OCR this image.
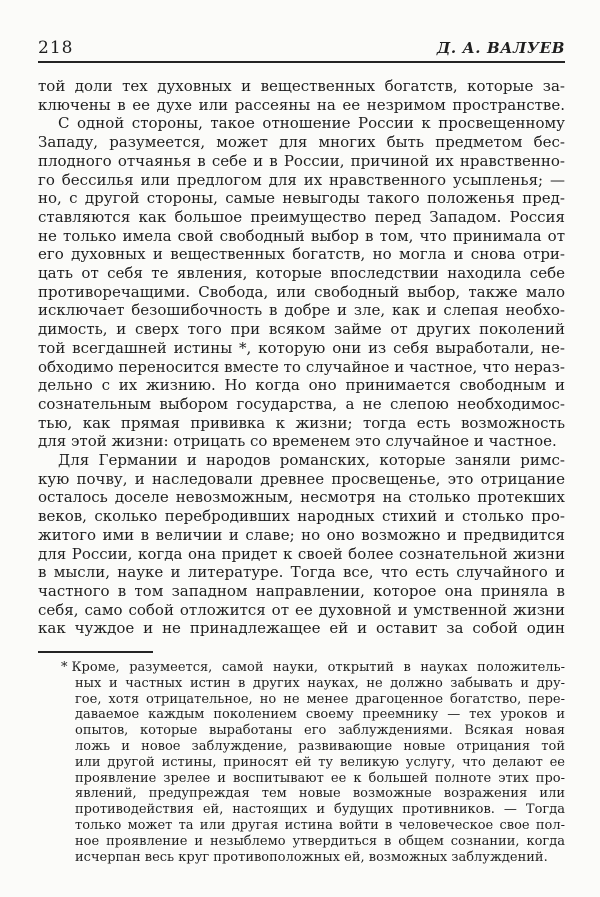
218	Д. А. ВАЛУЕВ
той доли тех духовных и вещественных богатств, которые за-
ключены в ее духе или рассеяны на ее незримом пространстве.
С одной стороны, такое отношение России к просвещенному
Западу, разумеется, может для многих быть предметом бес-
плодного отчаянья в себе и в России, причиной их нравственно-
го бессилья или предлогом для их нравственного усыпленья; —
но, с другой стороны, самые невыгоды такого положенья пред-
ставляются как большое преимущество перед Западом. Россия
не только имела свой свободный выбор в том, что принимала от
его духовных и вещественных богатств, но могла и снова отри-
цать от себя те явления, которые впоследствии находила себе
противоречащими. Свобода, или свободный выбор, также мало
исключает безошибочность в добре и зле, как и слепая необхо-
димость, и сверх того при всяком займе от других поколений
той всегдашней истины *, которую они из себя выработали, не-
обходимо переносится вместе то случайное и частное, что нераз-
дельно с их жизнию. Но когда оно принимается свободным и
сознательным выбором государства, а не слепою необходимос-
тью, как прямая прививка к жизни; тогда есть возможность
для этой жизни: отрицать со временем это случайное и частное.
Для Германии и народов романских, которые заняли римс-
кую почву, и наследовали древнее просвещенье, это отрицание
осталось доселе невозможным, несмотря на столько протекших
веков, сколько перебродивших народных стихий и столько про-
житого ими в величии и славе; но оно возможно и предвидится
для России, когда она придет к своей более сознательной жизни
в мысли, науке и литературе. Тогда все, что есть случайного и
частного в том западном направлении, которое она приняла в
себя, само собой отложится от ее духовной и умственной жизни
как чуждое и не принадлежащее ей и оставит за собой один
* Кроме, разумеется, самой науки, открытий в науках положитель-
ных и частных истин в других науках, не должно забывать и дру-
гое, хотя отрицательное, но не менее драгоценное богатство, пере-
даваемое каждым поколением своему преемнику — тех уроков и
опытов, которые выработаны его заблуждениями. Всякая новая
ложь и новое заблуждение, развивающие новые отрицания той
или другой истины, приносят ей ту великую услугу, что делают ее
проявление зрелее и воспитывают ее к большей полноте этих про-
явлений, предупреждая тем новые возможные возражения или
противодействия ей, настоящих и будущих противников. — Тогда
только может та или другая истина войти в человеческое свое пол-
ное проявление и незыблемо утвердиться в общем сознании, когда
исчерпан весь круг противоположных ей, возможных заблуждений.
